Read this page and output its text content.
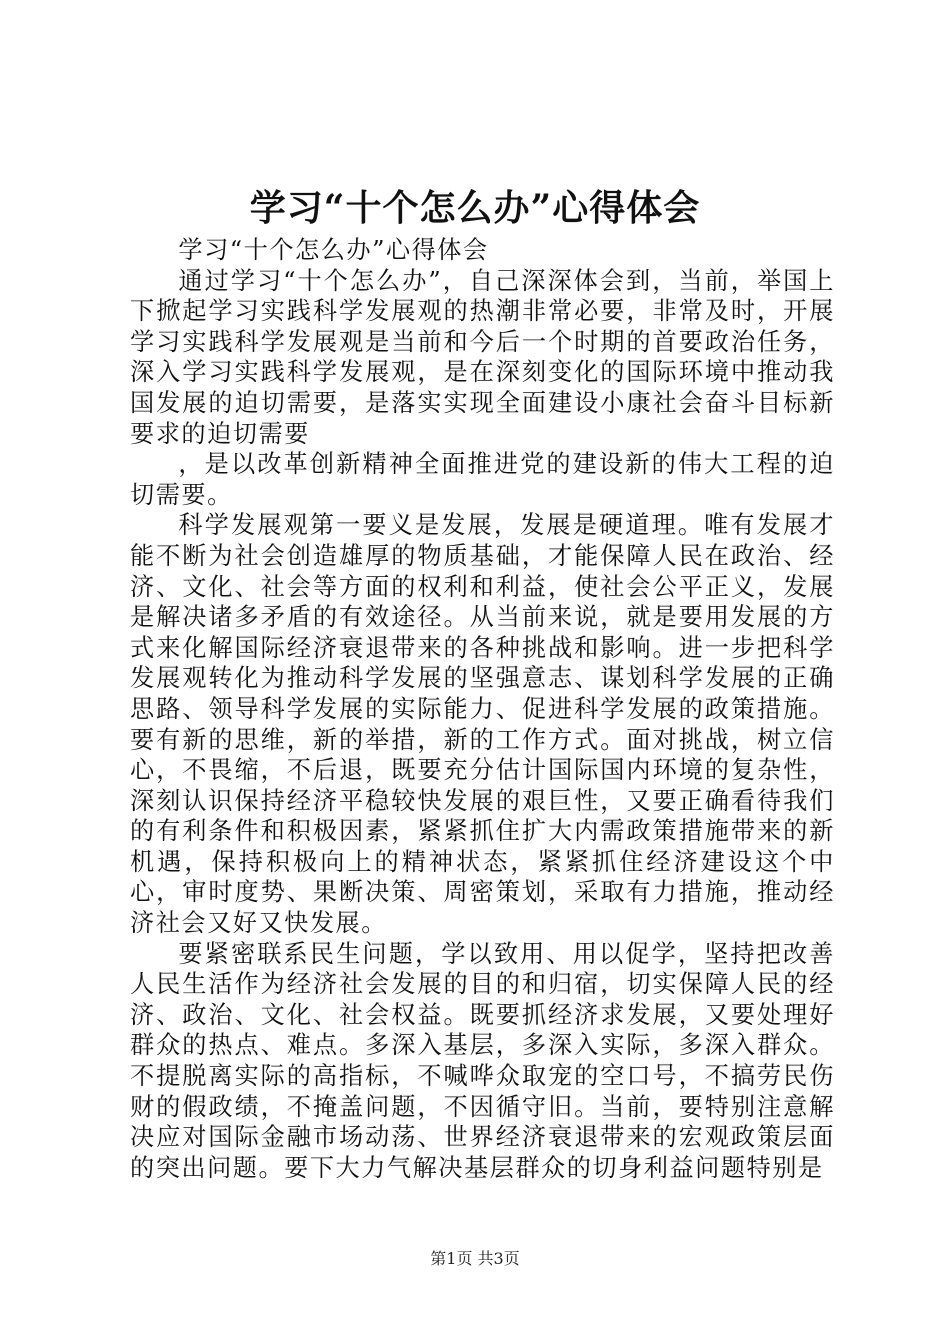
学习“十个怎么办”心得体会

学习“十个怎么办”心得体会

通过学习“十个怎么办”，自己深深体会到，当前，举国上下掀起学习实践科学发展观的热潮非常必要，非常及时，开展学习实践科学发展观是当前和今后一个时期的首要政治任务，深入学习实践科学发展观，是在深刻变化的国际环境中推动我国发展的迫切需要，是落实实现全面建设小康社会奋斗目标新要求的迫切需要

，是以改革创新精神全面推进党的建设新的伟大工程的迫切需要。

科学发展观第一要义是发展，发展是硬道理。唯有发展才能不断为社会创造雄厚的物质基础，才能保障人民在政治、经济、文化、社会等方面的权利和利益，使社会公平正义，发展是解决诸多矛盾的有效途径。从当前来说，就是要用发展的方式来化解国际经济衰退带来的各种挑战和影响。进一步把科学发展观转化为推动科学发展的坚强意志、谋划科学发展的正确思路、领导科学发展的实际能力、促进科学发展的政策措施。要有新的思维，新的举措，新的工作方式。面对挑战，树立信心，不畏缩，不后退，既要充分估计国际国内环境的复杂性，深刻认识保持经济平稳较快发展的艰巨性，又要正确看待我们的有利条件和积极因素，紧紧抓住扩大内需政策措施带来的新机遇，保持积极向上的精神状态，紧紧抓住经济建设这个中心，审时度势、果断决策、周密策划，采取有力措施，推动经济社会又好又快发展。

要紧密联系民生问题，学以致用、用以促学，坚持把改善人民生活作为经济社会发展的目的和归宿，切实保障人民的经济、政治、文化、社会权益。既要抓经济求发展，又要处理好群众的热点、难点。多深入基层，多深入实际，多深入群众。不提脱离实际的高指标，不喊哗众取宠的空口号，不搞劳民伤财的假政绩，不掩盖问题，不因循守旧。当前，要特别注意解决应对国际金融市场动荡、世界经济衰退带来的宏观政策层面的突出问题。要下大力气解决基层群众的切身利益问题特别是

第1页 共3页
